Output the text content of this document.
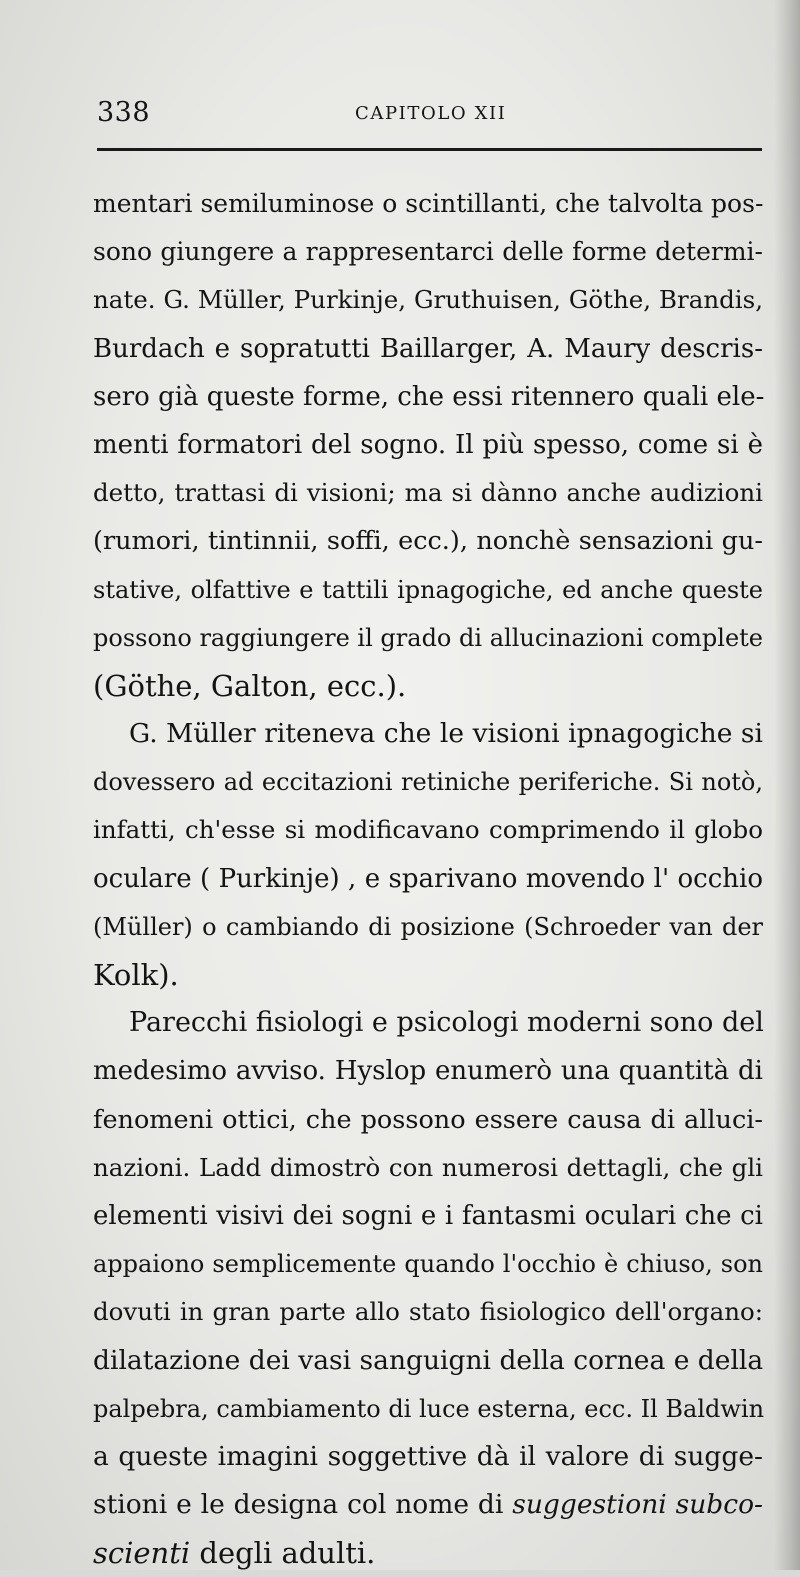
338	CAPITOLO XII
mentari semiluminose o scintillanti, che talvolta pos-
sono giungere a rappresentarci delle forme determi-
nate. G. Müller, Purkinje, Gruthuisen, Göthe, Brandis,
Burdach e sopratutti Baillarger, A. Maury descris-
sero già queste forme, che essi ritennero quali ele-
menti formatori del sogno. Il più spesso, come si è
detto, trattasi di visioni; ma si dànno anche audizioni
(rumori, tintinnii, soffi, ecc.), nonchè sensazioni gu-
stative, olfattive e tattili ipnagogiche, ed anche queste
possono raggiungere il grado di allucinazioni complete
(Göthe, Galton, ecc.).
G. Müller riteneva che le visioni ipnagogiche si
dovessero ad eccitazioni retiniche periferiche. Si notò,
infatti, ch'esse si modificavano comprimendo il globo
oculare ( Purkinje) , e sparivano movendo l' occhio
(Müller) o cambiando di posizione (Schroeder van der
Kolk).
Parecchi fisiologi e psicologi moderni sono del
medesimo avviso. Hyslop enumerò una quantità di
fenomeni ottici, che possono essere causa di alluci-
nazioni. Ladd dimostrò con numerosi dettagli, che gli
elementi visivi dei sogni e i fantasmi oculari che ci
appaiono semplicemente quando l'occhio è chiuso, son
dovuti in gran parte allo stato fisiologico dell'organo:
dilatazione dei vasi sanguigni della cornea e della
palpebra, cambiamento di luce esterna, ecc. Il Baldwin
a queste imagini soggettive dà il valore di sugge-
stioni e le designa col nome di suggestioni subco-
scienti degli adulti.
